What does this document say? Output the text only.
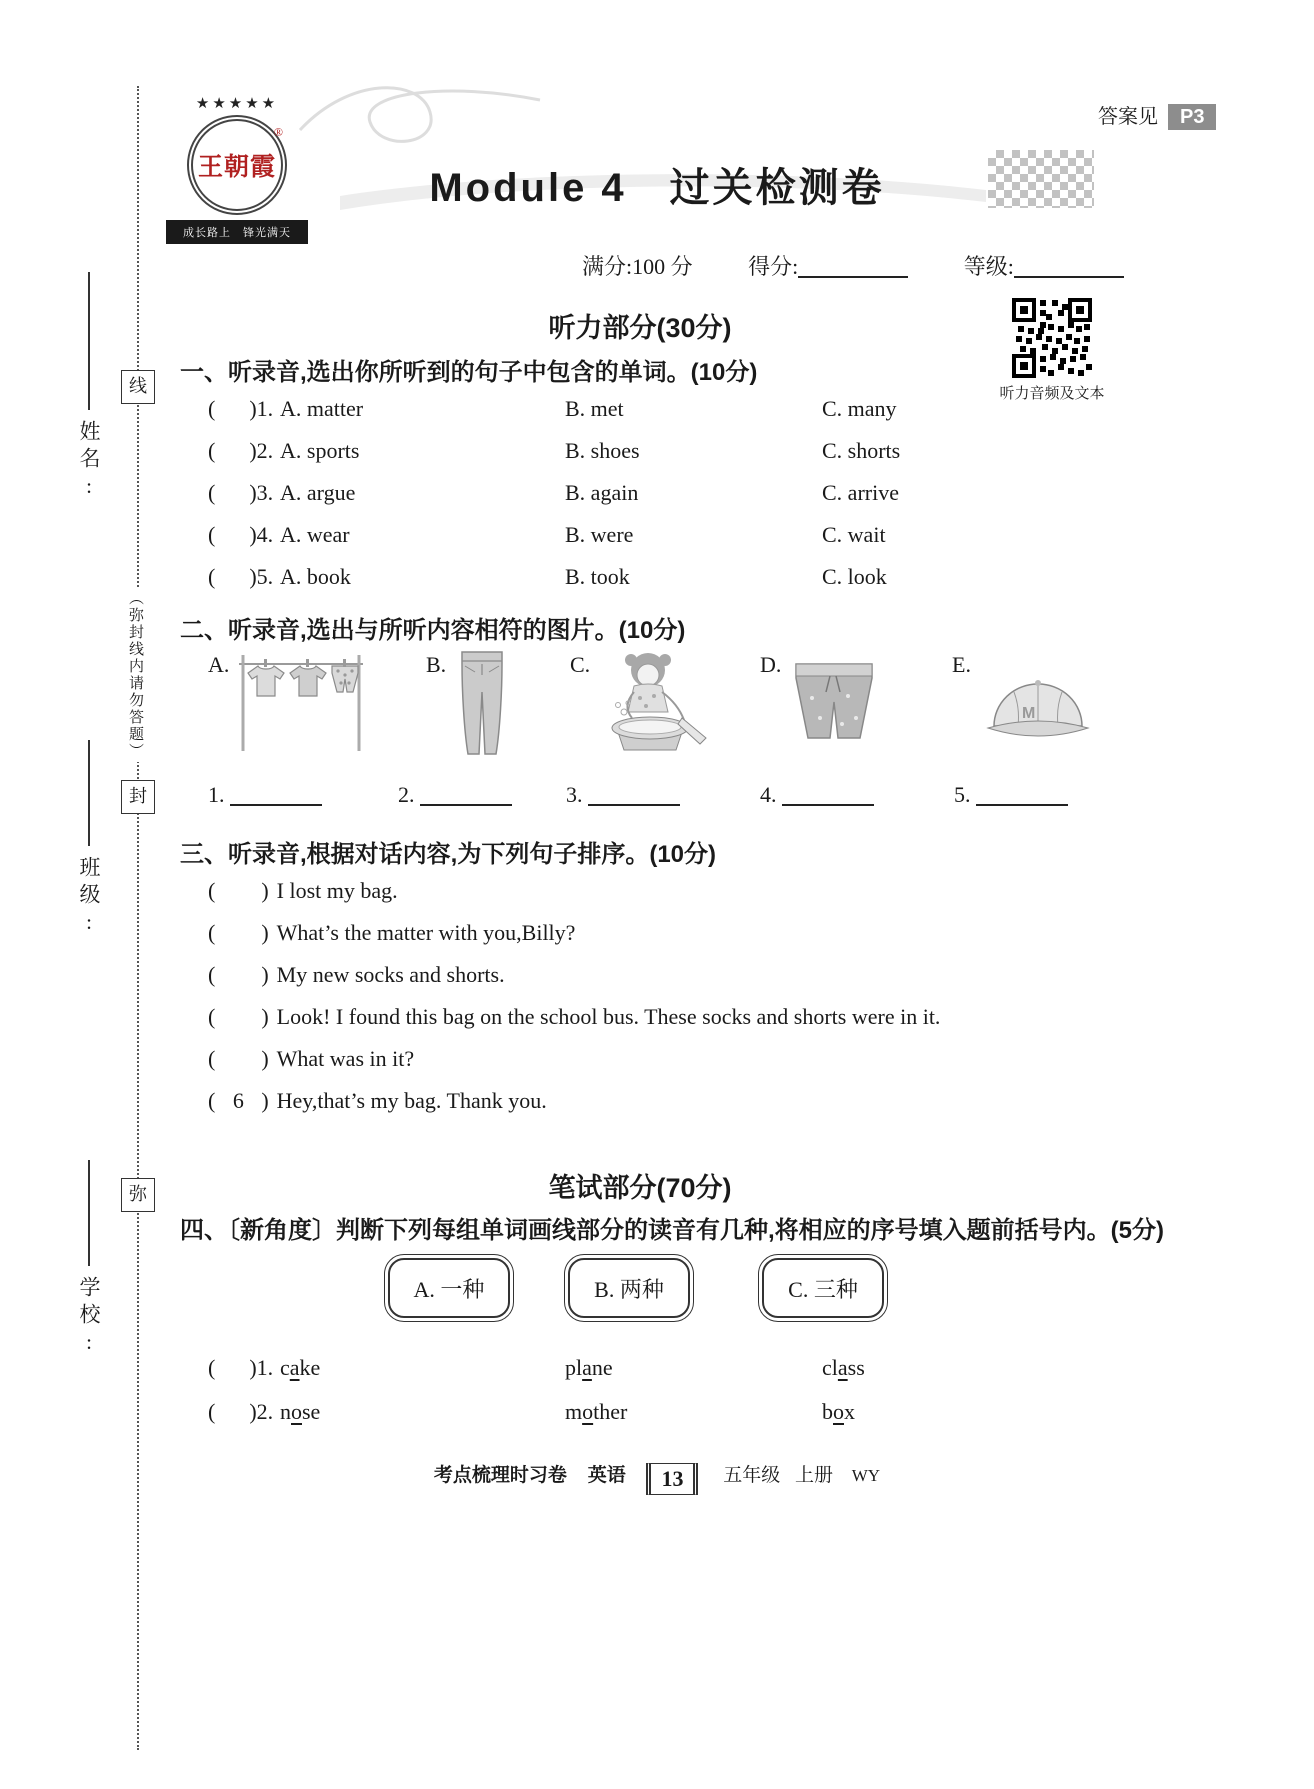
线
封
弥
（弥封线内请勿答题）
姓名:
班级:
学校:
答案见 P3
★★★★★
王朝霞
®
成长路上　锋光满天
Module 4　过关检测卷
满分:100 分	得分:	等级:
听力音频及文本
听力部分(30分)
一、听录音,选出你所听到的句子中包含的单词。(10分)
( ) 1. A. matter	B. met	C. many
( ) 2. A. sports	B. shoes	C. shorts
( ) 3. A. argue	B. again	C. arrive
( ) 4. A. wear	B. were	C. wait
( ) 5. A. book	B. took	C. look
二、听录音,选出与所听内容相符的图片。(10分)
A.	B.	C.	D.	E.
M
1.	2.	3.	4.	5.
三、听录音,根据对话内容,为下列句子排序。(10分)
( ) I lost my bag.
( ) What’s the matter with you,Billy?
( ) My new socks and shorts.
( ) Look! I found this bag on the school bus. These socks and shorts were in it.
( ) What was in it?
( 6 ) Hey,that’s my bag. Thank you.
笔试部分(70分)
四、〔新角度〕判断下列每组单词画线部分的读音有几种,将相应的序号填入题前括号内。(5分)
A. 一种	B. 两种	C. 三种
( ) 1. cake	plane	class
( ) 2. nose	mother	box
考点梳理时习卷 英语 13 五年级 上册 WY
